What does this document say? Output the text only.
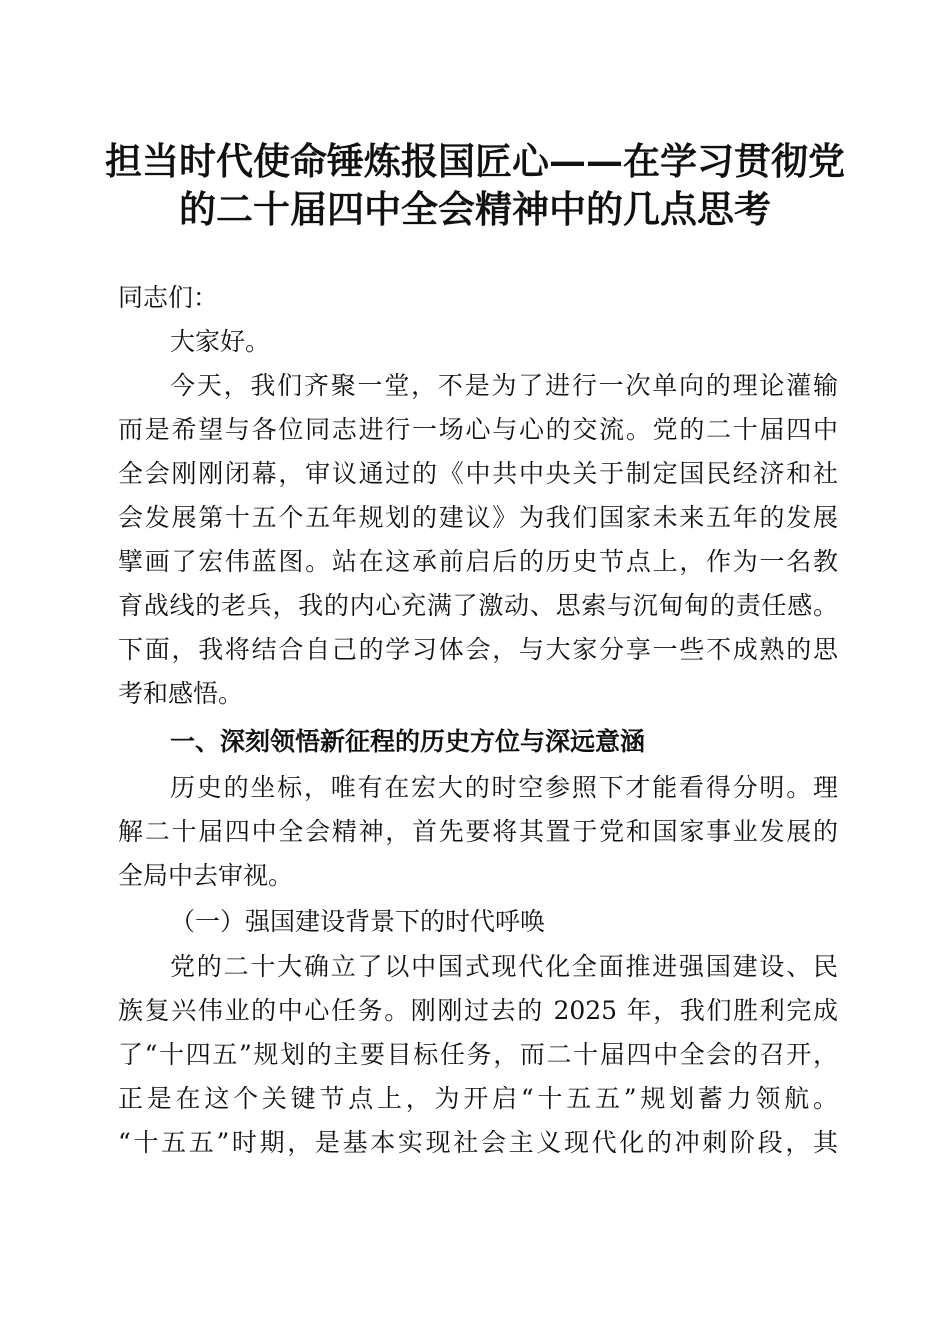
担当时代使命锤炼报国匠心——在学习贯彻党
的二十届四中全会精神中的几点思考
同志们：
大家好。
今天，我们齐聚一堂，不是为了进行一次单向的理论灌输
而是希望与各位同志进行一场心与心的交流。党的二十届四中
全会刚刚闭幕，审议通过的《中共中央关于制定国民经济和社
会发展第十五个五年规划的建议》为我们国家未来五年的发展
擘画了宏伟蓝图。站在这承前启后的历史节点上，作为一名教
育战线的老兵，我的内心充满了激动、思索与沉甸甸的责任感。
下面，我将结合自己的学习体会，与大家分享一些不成熟的思
考和感悟。
一、深刻领悟新征程的历史方位与深远意涵
历史的坐标，唯有在宏大的时空参照下才能看得分明。理
解二十届四中全会精神，首先要将其置于党和国家事业发展的
全局中去审视。
（一）强国建设背景下的时代呼唤
党的二十大确立了以中国式现代化全面推进强国建设、民
族复兴伟业的中心任务。刚刚过去的 2025 年，我们胜利完成
了“十四五”规划的主要目标任务，而二十届四中全会的召开，
正是在这个关键节点上，为开启“十五五”规划蓄力领航。
“十五五”时期，是基本实现社会主义现代化的冲刺阶段，其
